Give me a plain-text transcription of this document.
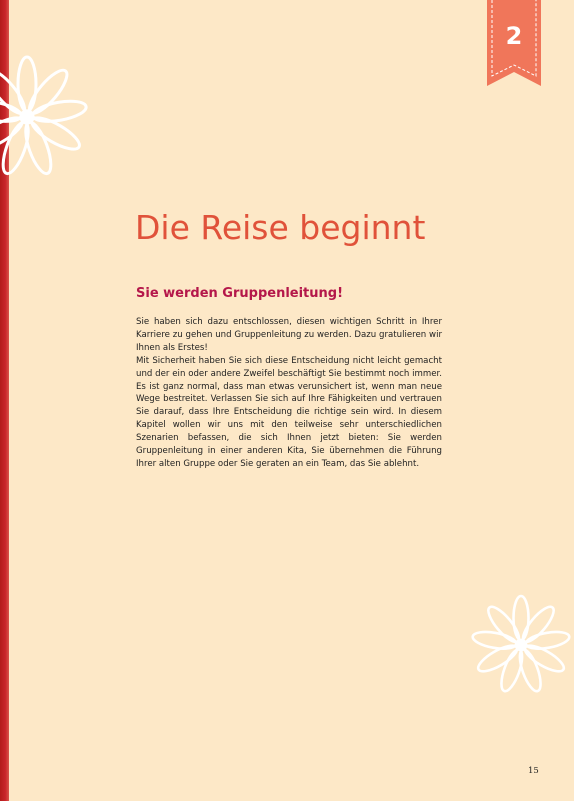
2
Die Reise beginnt
Sie werden Gruppenleitung!

Sie haben sich dazu entschlossen, diesen wichtigen Schritt in Ihrer Karriere zu gehen und Gruppenleitung zu werden. Dazu gratulieren wir Ihnen als Erstes!

Mit Sicherheit haben Sie sich diese Entscheidung nicht leicht gemacht und der ein oder andere Zweifel beschäftigt Sie bestimmt noch immer. Es ist ganz normal, dass man etwas verunsichert ist, wenn man neue Wege bestreitet. Verlassen Sie sich auf Ihre Fähigkeiten und vertrauen Sie darauf, dass Ihre Entscheidung die richtige sein wird. In diesem Kapitel wollen wir uns mit den teilweise sehr unterschiedlichen Szenarien befassen, die sich Ihnen jetzt bieten: Sie werden Gruppenleitung in einer anderen Kita, Sie übernehmen die Führung Ihrer alten Gruppe oder Sie geraten an ein Team, das Sie ablehnt.

15
